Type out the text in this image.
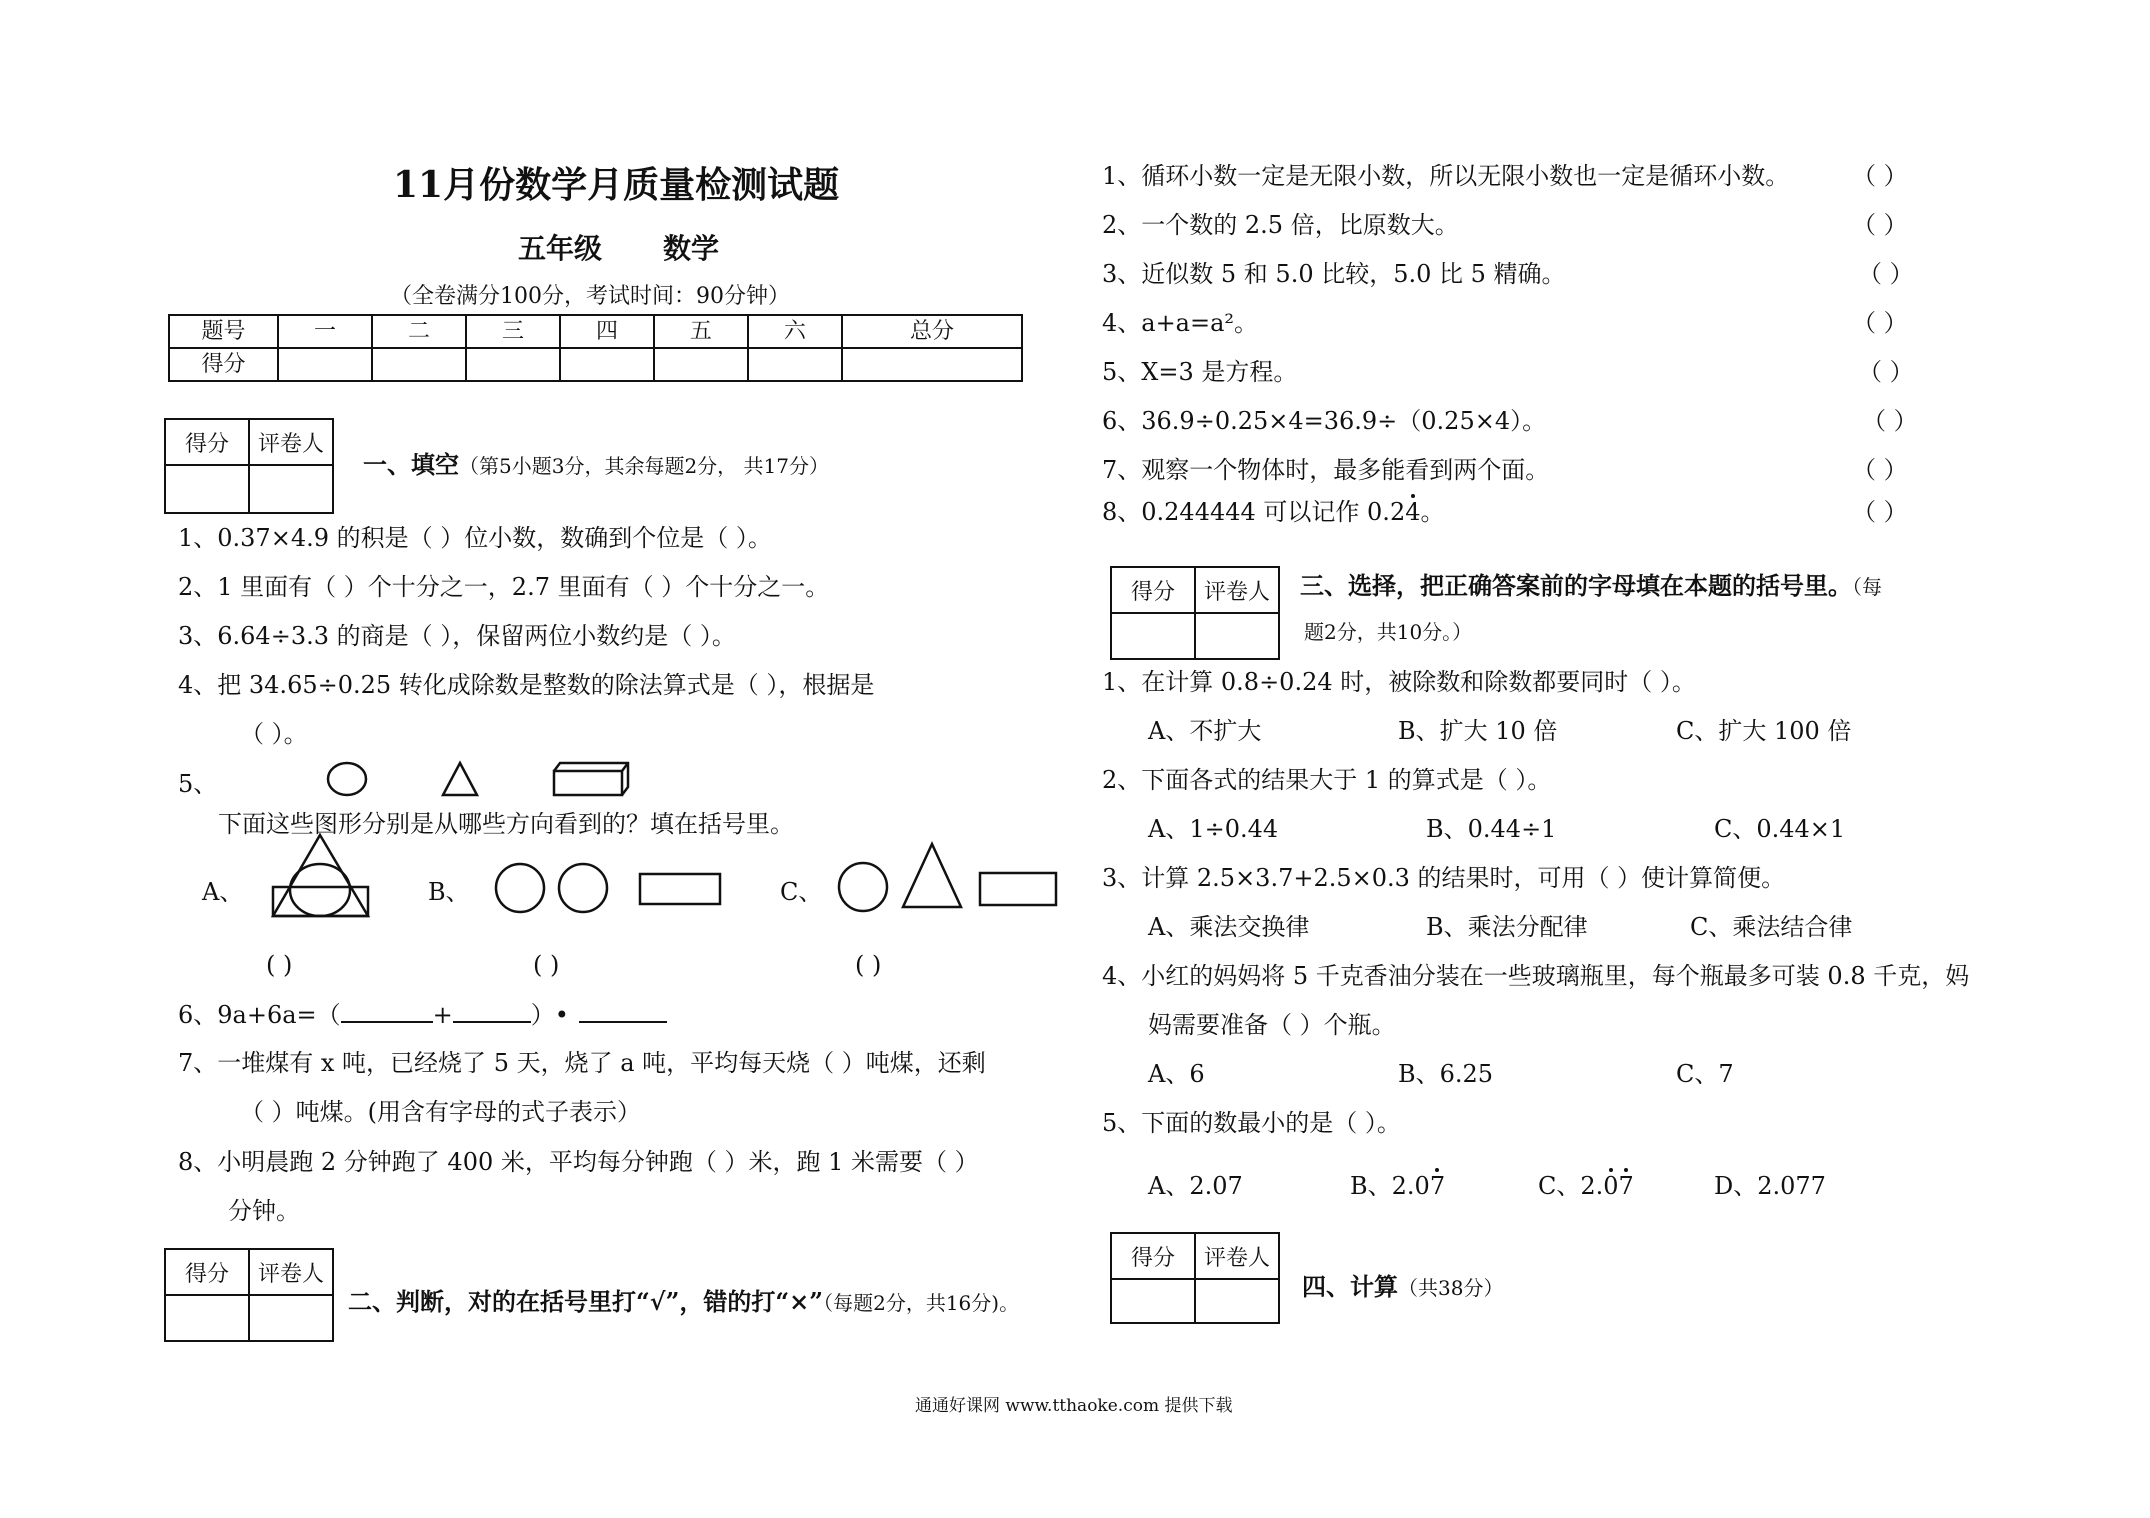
11月份数学月质量检测试题
五年级 数学
（全卷满分100分，考试时间：90分钟）
题号	一	二	三	四	五	六	总分
得分							
得分	评卷人
一、填空（第5小题3分，其余每题2分， 共17分）
1、0.37×4.9 的积是（ ）位小数，数确到个位是（ ）。
2、1 里面有（ ）个十分之一，2.7 里面有（ ）个十分之一。
3、6.64÷3.3 的商是（ ），保留两位小数约是（ ）。
4、把 34.65÷0.25 转化成除数是整数的除法算式是（ ），根据是
（ ）。
5、
下面这些图形分别是从哪些方向看到的？填在括号里。
A、	B、	C、
( )	( )	( )
6、9a+6a=（	+	）•
7、一堆煤有 x 吨，已经烧了 5 天，烧了 a 吨，平均每天烧（ ）吨煤，还剩
（ ）吨煤。(用含有字母的式子表示）
8、小明晨跑 2 分钟跑了 400 米，平均每分钟跑（ ）米，跑 1 米需要（ ）
分钟。
得分	评卷人
二、判断，对的在括号里打“√”，错的打“×”（每题2分，共16分)。
1、循环小数一定是无限小数，所以无限小数也一定是循环小数。	（ ）
2、一个数的 2.5 倍，比原数大。	（ ）
3、近似数 5 和 5.0 比较，5.0 比 5 精确。	（ ）
4、a+a=a²。	（ ）
5、X=3 是方程。	（ ）
6、36.9÷0.25×4=36.9÷（0.25×4）。	（ ）
7、观察一个物体时，最多能看到两个面。	（ ）
8、0.244444 可以记作 0.24。	（ ）
得分	评卷人	三、选择，把正确答案前的字母填在本题的括号里。（每
题2分，共10分。）
1、在计算 0.8÷0.24 时，被除数和除数都要同时（ ）。
A、不扩大	B、扩大 10 倍	C、扩大 100 倍
2、下面各式的结果大于 1 的算式是（ ）。
A、1÷0.44	B、0.44÷1	C、0.44×1
3、计算 2.5×3.7+2.5×0.3 的结果时，可用（ ）使计算简便。
A、乘法交换律	B、乘法分配律	C、乘法结合律
4、小红的妈妈将 5 千克香油分装在一些玻璃瓶里，每个瓶最多可装 0.8 千克，妈
妈需要准备（ ）个瓶。
A、6	B、6.25	C、7
5、下面的数最小的是（ ）。
A、2.07	B、2.07	C、2.07	D、2.077
得分	评卷人
四、计算（共38分）
通通好课网 www.tthaoke.com 提供下载
